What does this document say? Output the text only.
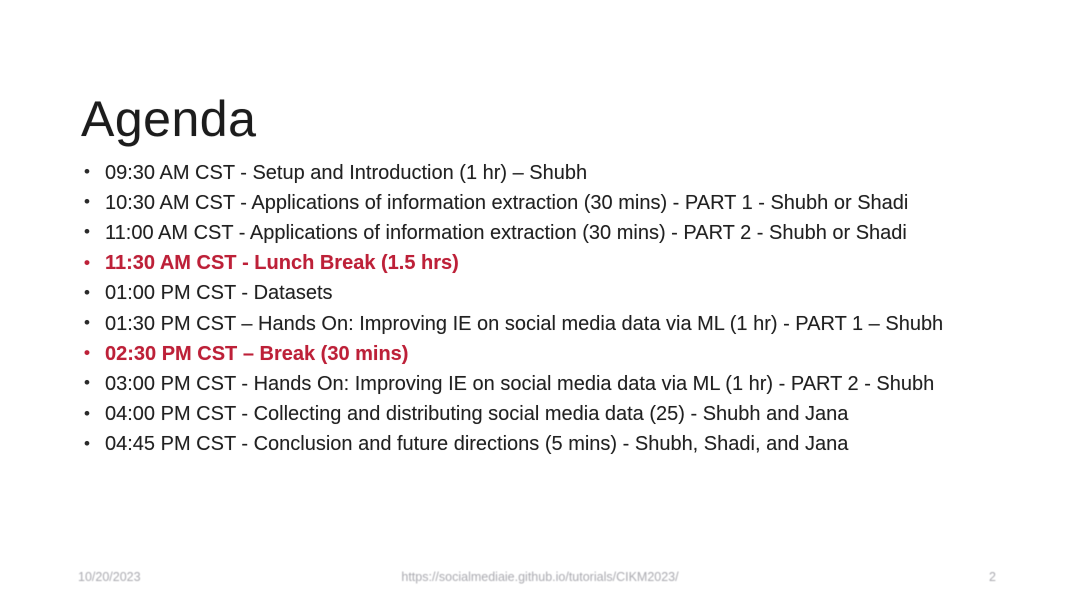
Agenda
• 09:30 AM CST - Setup and Introduction (1 hr) – Shubh
• 10:30 AM CST - Applications of information extraction (30 mins) - PART 1 - Shubh or Shadi
• 11:00 AM CST - Applications of information extraction (30 mins) - PART 2 - Shubh or Shadi
• 11:30 AM CST - Lunch Break (1.5 hrs)
• 01:00 PM CST - Datasets
• 01:30 PM CST – Hands On: Improving IE on social media data via ML (1 hr) - PART 1 – Shubh
• 02:30 PM CST – Break (30 mins)
• 03:00 PM CST - Hands On: Improving IE on social media data via ML (1 hr) - PART 2 - Shubh
• 04:00 PM CST - Collecting and distributing social media data (25) - Shubh and Jana
• 04:45 PM CST - Conclusion and future directions (5 mins) - Shubh, Shadi, and Jana
10/20/2023	https://socialmediaie.github.io/tutorials/CIKM2023/	2
